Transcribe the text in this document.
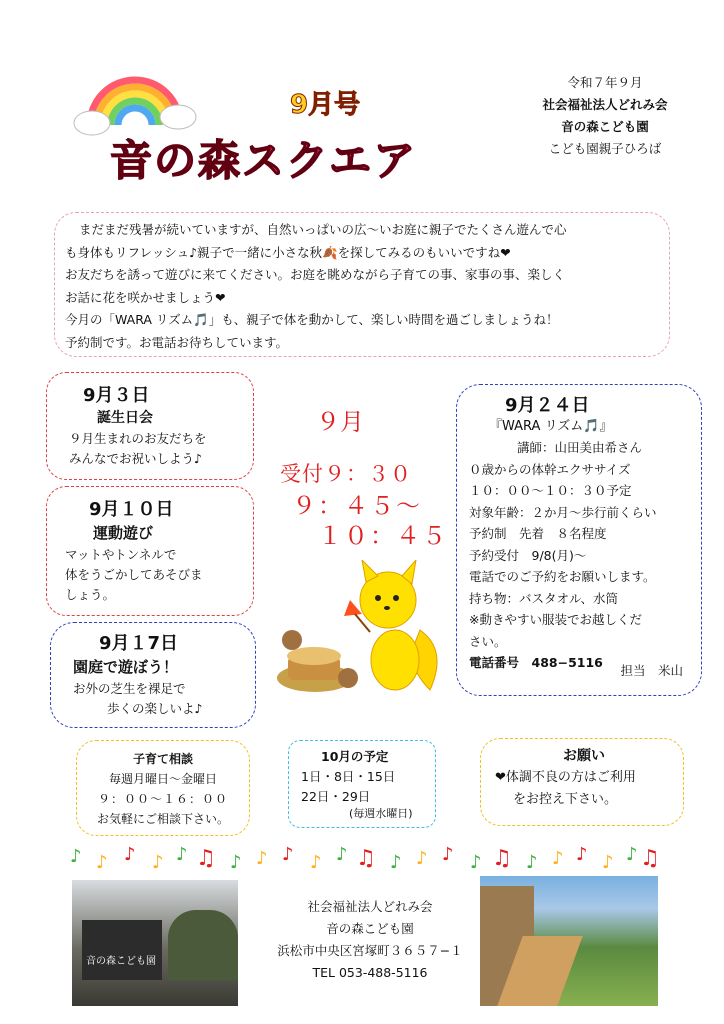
9月号
音の森スクエア
令和７年９月
社会福祉法人どれみ会
音の森こども園
こども園親子ひろば
まだまだ残暑が続いていますが、自然いっぱいの広〜いお庭に親子でたくさん遊んで心
も身体もリフレッシュ♪親子で一緒に小さな秋🍂を探してみるのもいいですね❤
お友だちを誘って遊びに来てください。お庭を眺めながら子育ての事、家事の事、楽しく
お話に花を咲かせましょう❤
今月の「WARA リズム🎵」も、親子で体を動かして、楽しい時間を過ごしましょうね！
予約制です。お電話お待ちしています。
9月３日
誕生日会
９月生まれのお友だちを
みんなでお祝いしよう♪
9月１０日
運動遊び
マットやトンネルで
体をうごかしてあそびま
しょう。
9月１7日
園庭で遊ぼう！
お外の芝生を裸足で
歩くの楽しいよ♪
９月
受付９：３０
９：４５〜
１０：４５
9月２４日
『WARA リズム🎵』
講師：山田美由希さん
０歳からの体幹エクササイズ
１０：００〜１０：３０予定
対象年齢：２か月〜歩行前くらい
予約制　先着　８名程度
予約受付　9/8(月)〜
電話でのご予約をお願いします。
持ち物：バスタオル、水筒
※動きやすい服装でお越しくだ
さい。
電話番号　488−5116
担当　米山
子育て相談
毎週月曜日〜金曜日
９：００〜１６：００
お気軽にご相談下さい。
10月の予定
1日・8日・15日
22日・29日
(毎週水曜日)
お願い
❤体調不良の方はご利用
をお控え下さい。
♪ ♪ ♪ ♪ ♪ ♫ ♪ ♪ ♪ ♪ ♪ ♫ ♪ ♪ ♪ ♪ ♫ ♪ ♪ ♪ ♪ ♪ ♫
音の森こども園
社会福祉法人どれみ会
音の森こども園
浜松市中央区宮塚町３６５７−１
TEL 053-488-5116
